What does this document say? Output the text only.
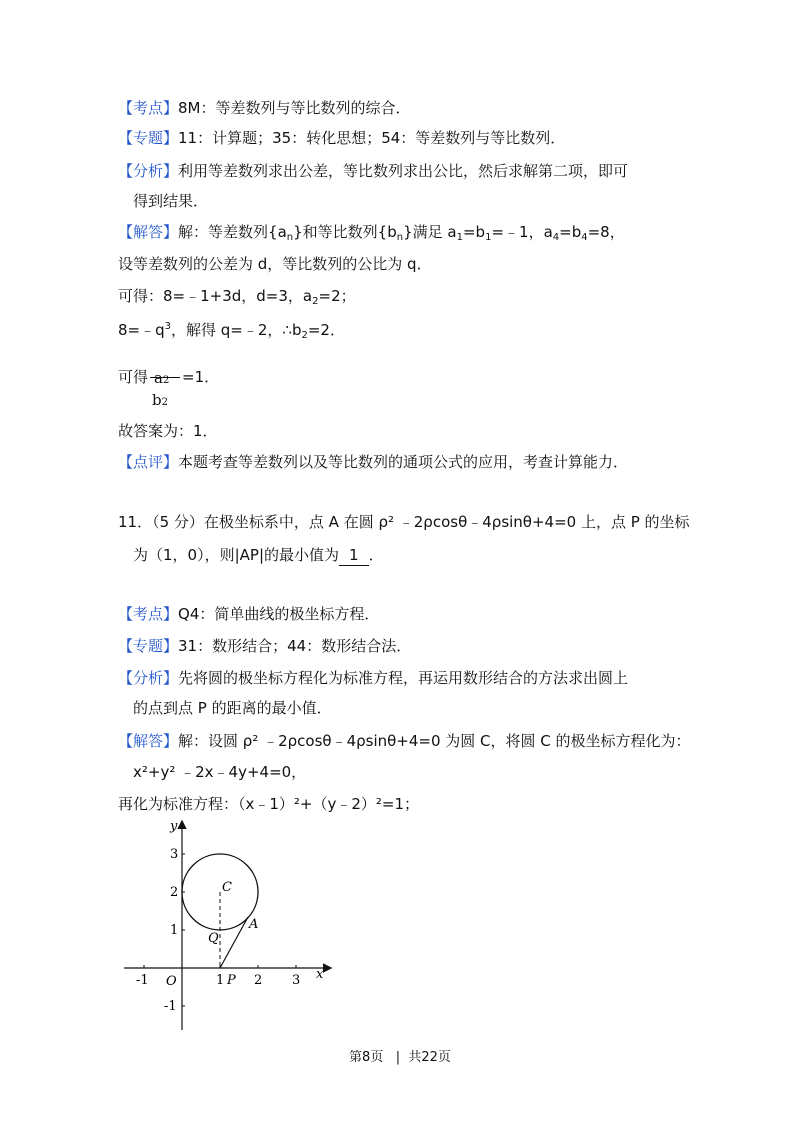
【考点】8M：等差数列与等比数列的综合．
【专题】11：计算题；35：转化思想；54：等差数列与等比数列．
【分析】利用等差数列求出公差，等比数列求出公比，然后求解第二项，即可
得到结果．
【解答】解：等差数列$\{a_n\}$和等比数列$\{b_n\}$满足 $a_1=b_1=﹣1$，$a_4=b_4=8$，
设等差数列的公差为 d，等比数列的公比为 q．
可得：8=﹣1+3d，d=3，$a_2=2$；
$8=﹣q^3$，解得 q=﹣2，$\therefore b_2=2$．
可得 a2
b2
=1．
故答案为：1．
【点评】本题考查等差数列以及等比数列的通项公式的应用，考查计算能力．
11．（5 分）在极坐标系中，点 A 在圆 ρ² ﹣2ρcosθ﹣4ρsinθ+4=0 上，点 P 的坐标
为（1，0），则|AP|的最小值为 1 ．
【考点】Q4：简单曲线的极坐标方程．
【专题】31：数形结合；44：数形结合法．
【分析】先将圆的极坐标方程化为标准方程，再运用数形结合的方法求出圆上
的点到点 P 的距离的最小值．
【解答】解：设圆 ρ² ﹣2ρcosθ﹣4ρsinθ+4=0 为圆 C，将圆 C 的极坐标方程化为：
x²+y² ﹣2x﹣4y+4=0，
再化为标准方程：（x﹣1）²+（y﹣2）²=1；
x
y
O
C
A
Q
P
-1	1 2 3
1
2
3
-1
第8页 | 共22页
